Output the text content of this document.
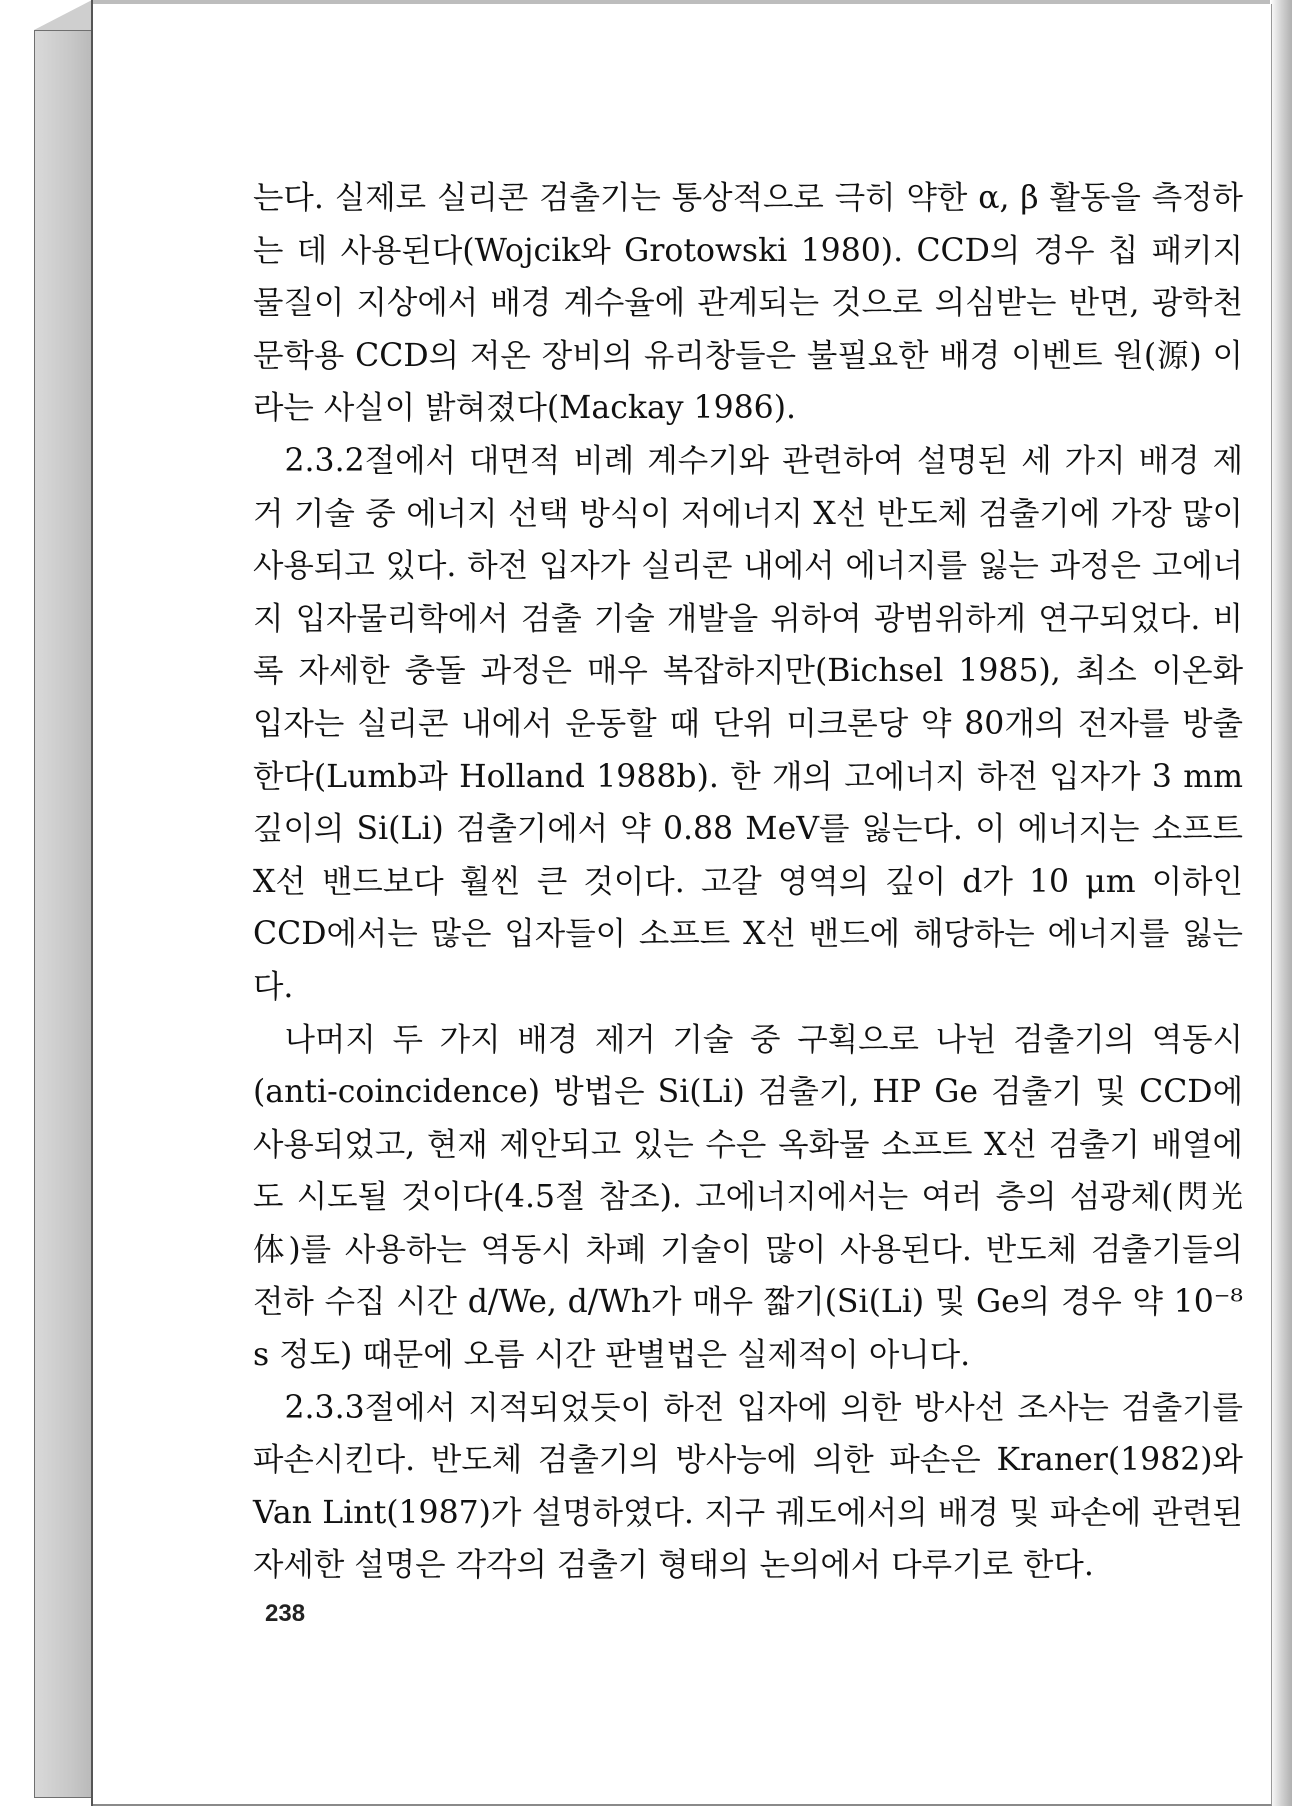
는다. 실제로 실리콘 검출기는 통상적으로 극히 약한 α, β 활동을 측정하는 데 사용된다(Wojcik와 Grotowski 1980). CCD의 경우 칩 패키지 물질이 지상에서 배경 계수율에 관계되는 것으로 의심받는 반면, 광학천문학용 CCD의 저온 장비의 유리창들은 불필요한 배경 이벤트 원(源) 이라는 사실이 밝혀졌다(Mackay 1986).

2.3.2절에서 대면적 비례 계수기와 관련하여 설명된 세 가지 배경 제거 기술 중 에너지 선택 방식이 저에너지 X선 반도체 검출기에 가장 많이 사용되고 있다. 하전 입자가 실리콘 내에서 에너지를 잃는 과정은 고에너지 입자물리학에서 검출 기술 개발을 위하여 광범위하게 연구되었다. 비록 자세한 충돌 과정은 매우 복잡하지만(Bichsel 1985), 최소 이온화 입자는 실리콘 내에서 운동할 때 단위 미크론당 약 80개의 전자를 방출한다(Lumb과 Holland 1988b). 한 개의 고에너지 하전 입자가 3 mm 깊이의 Si(Li) 검출기에서 약 0.88 MeV를 잃는다. 이 에너지는 소프트 X선 밴드보다 훨씬 큰 것이다. 고갈 영역의 깊이 d가 10 μm 이하인 CCD에서는 많은 입자들이 소프트 X선 밴드에 해당하는 에너지를 잃는다.

나머지 두 가지 배경 제거 기술 중 구획으로 나뉜 검출기의 역동시(anti-coincidence) 방법은 Si(Li) 검출기, HP Ge 검출기 및 CCD에 사용되었고, 현재 제안되고 있는 수은 옥화물 소프트 X선 검출기 배열에도 시도될 것이다(4.5절 참조). 고에너지에서는 여러 층의 섬광체(閃光体)를 사용하는 역동시 차폐 기술이 많이 사용된다. 반도체 검출기들의 전하 수집 시간 d/We, d/Wh가 매우 짧기(Si(Li) 및 Ge의 경우 약 10⁻⁸ s 정도) 때문에 오름 시간 판별법은 실제적이 아니다.

2.3.3절에서 지적되었듯이 하전 입자에 의한 방사선 조사는 검출기를 파손시킨다. 반도체 검출기의 방사능에 의한 파손은 Kraner(1982)와 Van Lint(1987)가 설명하였다. 지구 궤도에서의 배경 및 파손에 관련된 자세한 설명은 각각의 검출기 형태의 논의에서 다루기로 한다.

238
